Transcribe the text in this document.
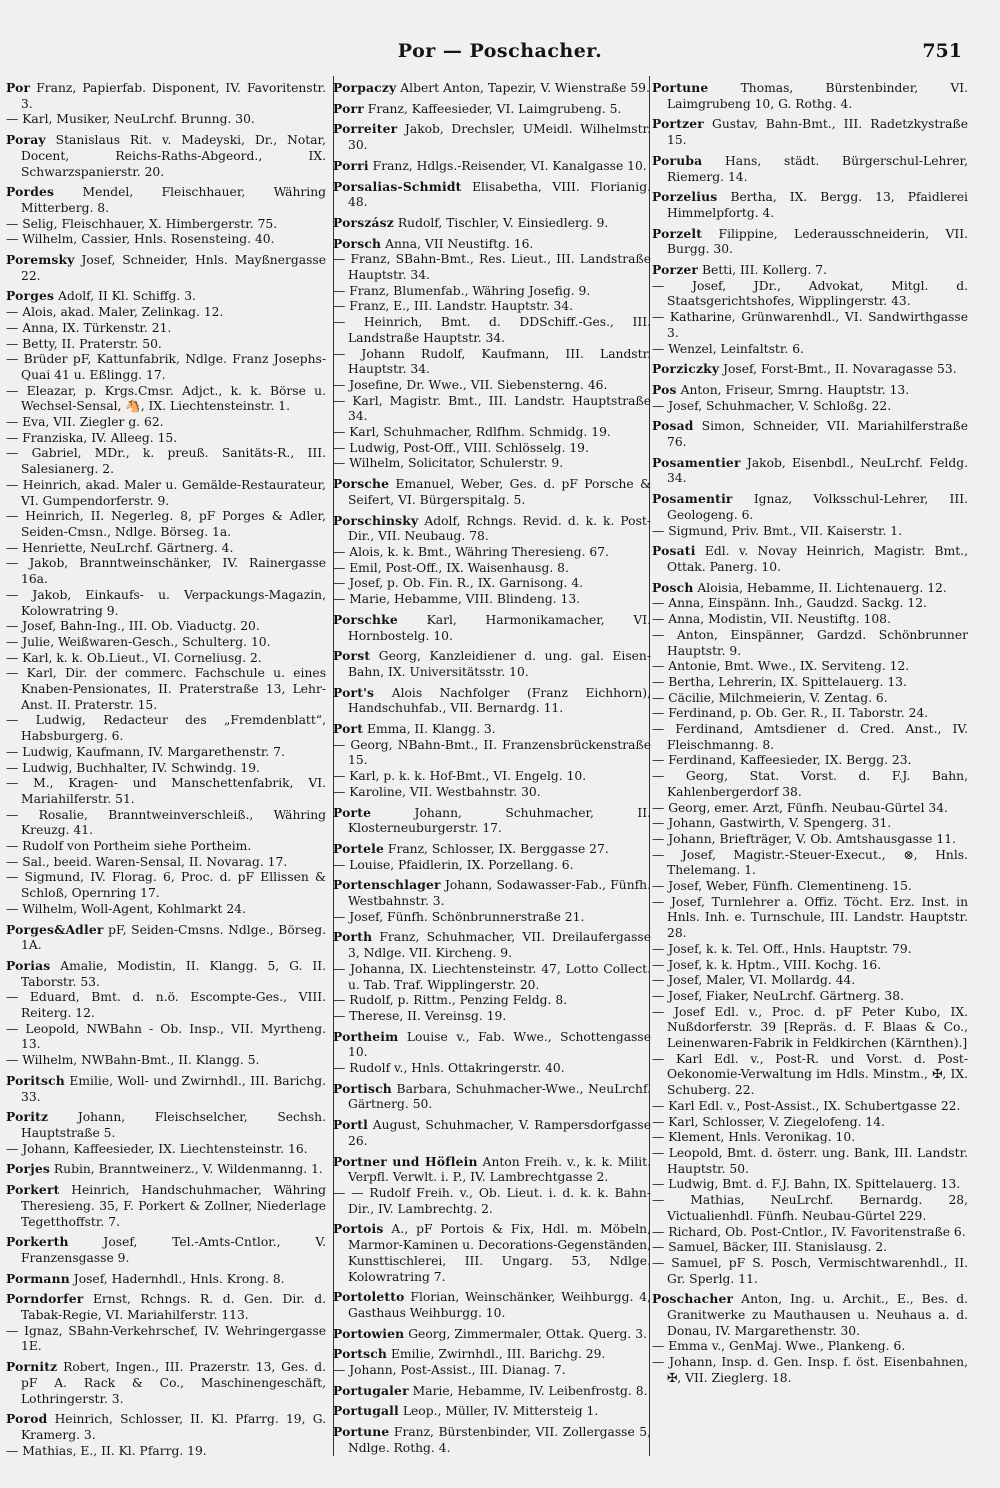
Por — Poschacher.	751

Por Franz, Papierfab. Disponent, IV. Favoritenstr. 3.

— Karl, Musiker, NeuLrchf. Brunng. 30.

Poray Stanislaus Rit. v. Madeyski, Dr., Notar, Docent, Reichs-Raths-Abgeord., IX. Schwarzspanierstr. 20.

Pordes Mendel, Fleischhauer, Währing Mitterberg. 8.

— Selig, Fleischhauer, X. Himbergerstr. 75.

— Wilhelm, Cassier, Hnls. Rosensteing. 40.

Poremsky Josef, Schneider, Hnls. Mayßnergasse 22.

Porges Adolf, II Kl. Schiffg. 3.

— Alois, akad. Maler, Zelinkag. 12.

— Anna, IX. Türkenstr. 21.

— Betty, II. Praterstr. 50.

— Brüder pF, Kattunfabrik, Ndlge. Franz Josephs-Quai 41 u. Eßlingg. 17.

— Eleazar, p. Krgs.Cmsr. Adjct., k. k. Börse u. Wechsel-Sensal, 🐴, IX. Liechtensteinstr. 1.

— Eva, VII. Ziegler g. 62.

— Franziska, IV. Alleeg. 15.

— Gabriel, MDr., k. preuß. Sanitäts-R., III. Salesianerg. 2.

— Heinrich, akad. Maler u. Gemälde-Restaurateur, VI. Gumpendorferstr. 9.

— Heinrich, II. Negerleg. 8, pF Porges & Adler, Seiden-Cmsn., Ndlge. Börseg. 1a.

— Henriette, NeuLrchf. Gärtnerg. 4.

— Jakob, Branntweinschänker, IV. Rainergasse 16a.

— Jakob, Einkaufs- u. Verpackungs-Magazin, Kolowratring 9.

— Josef, Bahn-Ing., III. Ob. Viaductg. 20.

— Julie, Weißwaren-Gesch., Schulterg. 10.

— Karl, k. k. Ob.Lieut., VI. Corneliusg. 2.

— Karl, Dir. der commerc. Fachschule u. eines Knaben-Pensionates, II. Praterstraße 13, Lehr-Anst. II. Praterstr. 15.

— Ludwig, Redacteur des „Fremdenblatt“, Habsburgerg. 6.

— Ludwig, Kaufmann, IV. Margarethenstr. 7.

— Ludwig, Buchhalter, IV. Schwindg. 19.

— M., Kragen- und Manschettenfabrik, VI. Mariahilferstr. 51.

— Rosalie, Branntweinverschleiß., Währing Kreuzg. 41.

— Rudolf von Portheim siehe Portheim.

— Sal., beeid. Waren-Sensal, II. Novarag. 17.

— Sigmund, IV. Florag. 6, Proc. d. pF Ellissen & Schloß, Opernring 17.

— Wilhelm, Woll-Agent, Kohlmarkt 24.

Porges&Adler pF, Seiden-Cmsns. Ndlge., Börseg. 1A.

Porias Amalie, Modistin, II. Klangg. 5, G. II. Taborstr. 53.

— Eduard, Bmt. d. n.ö. Escompte-Ges., VIII. Reiterg. 12.

— Leopold, NWBahn - Ob. Insp., VII. Myrtheng. 13.

— Wilhelm, NWBahn-Bmt., II. Klangg. 5.

Poritsch Emilie, Woll- und Zwirnhdl., III. Barichg. 33.

Poritz Johann, Fleischselcher, Sechsh. Hauptstraße 5.

— Johann, Kaffeesieder, IX. Liechtensteinstr. 16.

Porjes Rubin, Branntweinerz., V. Wildenmanng. 1.

Porkert Heinrich, Handschuhmacher, Währing Theresieng. 35, F. Porkert & Zollner, Niederlage Tegetthoffstr. 7.

Porkerth Josef, Tel.-Amts-Cntlor., V. Franzensgasse 9.

Pormann Josef, Hadernhdl., Hnls. Krong. 8.

Porndorfer Ernst, Rchngs. R. d. Gen. Dir. d. Tabak-Regie, VI. Mariahilferstr. 113.

— Ignaz, SBahn-Verkehrschef, IV. Wehringergasse 1E.

Pornitz Robert, Ingen., III. Prazerstr. 13, Ges. d. pF A. Rack & Co., Maschinengeschäft, Lothringerstr. 3.

Porod Heinrich, Schlosser, II. Kl. Pfarrg. 19, G. Kramerg. 3.

— Mathias, E., II. Kl. Pfarrg. 19.

Porpaczy Albert Anton, Tapezir, V. Wienstraße 59.

Porr Franz, Kaffeesieder, VI. Laimgrubeng. 5.

Porreiter Jakob, Drechsler, UMeidl. Wilhelmstr. 30.

Porri Franz, Hdlgs.-Reisender, VI. Kanalgasse 10.

Porsalias-Schmidt Elisabetha, VIII. Florianig. 48.

Porszász Rudolf, Tischler, V. Einsiedlerg. 9.

Porsch Anna, VII Neustiftg. 16.

— Franz, SBahn-Bmt., Res. Lieut., III. Landstraße Hauptstr. 34.

— Franz, Blumenfab., Währing Josefig. 9.

— Franz, E., III. Landstr. Hauptstr. 34.

— Heinrich, Bmt. d. DDSchiff.-Ges., III. Landstraße Hauptstr. 34.

— Johann Rudolf, Kaufmann, III. Landstr. Hauptstr. 34.

— Josefine, Dr. Wwe., VII. Siebensterng. 46.

— Karl, Magistr. Bmt., III. Landstr. Hauptstraße 34.

— Karl, Schuhmacher, Rdlfhm. Schmidg. 19.

— Ludwig, Post-Off., VIII. Schlösselg. 19.

— Wilhelm, Solicitator, Schulerstr. 9.

Porsche Emanuel, Weber, Ges. d. pF Porsche & Seifert, VI. Bürgerspitalg. 5.

Porschinsky Adolf, Rchngs. Revid. d. k. k. Post-Dir., VII. Neubaug. 78.

— Alois, k. k. Bmt., Währing Theresieng. 67.

— Emil, Post-Off., IX. Waisenhausg. 8.

— Josef, p. Ob. Fin. R., IX. Garnisong. 4.

— Marie, Hebamme, VIII. Blindeng. 13.

Porschke Karl, Harmonikamacher, VI. Hornbostelg. 10.

Porst Georg, Kanzleidiener d. ung. gal. Eisen-Bahn, IX. Universitätsstr. 10.

Port's Alois Nachfolger (Franz Eichhorn), Handschuhfab., VII. Bernardg. 11.

Port Emma, II. Klangg. 3.

— Georg, NBahn-Bmt., II. Franzensbrückenstraße 15.

— Karl, p. k. k. Hof-Bmt., VI. Engelg. 10.

— Karoline, VII. Westbahnstr. 30.

Porte Johann, Schuhmacher, II. Klosterneuburgerstr. 17.

Portele Franz, Schlosser, IX. Berggasse 27.

— Louise, Pfaidlerin, IX. Porzellang. 6.

Portenschlager Johann, Sodawasser-Fab., Fünfh. Westbahnstr. 3.

— Josef, Fünfh. Schönbrunnerstraße 21.

Porth Franz, Schuhmacher, VII. Dreilaufergasse 3, Ndlge. VII. Kircheng. 9.

— Johanna, IX. Liechtensteinstr. 47, Lotto Collect. u. Tab. Traf. Wipplingerstr. 20.

— Rudolf, p. Rittm., Penzing Feldg. 8.

— Therese, II. Vereinsg. 19.

Portheim Louise v., Fab. Wwe., Schottengasse 10.

— Rudolf v., Hnls. Ottakringerstr. 40.

Portisch Barbara, Schuhmacher-Wwe., NeuLrchf. Gärtnerg. 50.

Portl August, Schuhmacher, V. Rampersdorfgasse 26.

Portner und Höflein Anton Freih. v., k. k. Milit. Verpfl. Verwlt. i. P., IV. Lambrechtgasse 2.

— — Rudolf Freih. v., Ob. Lieut. i. d. k. k. Bahn-Dir., IV. Lambrechtg. 2.

Portois A., pF Portois & Fix, Hdl. m. Möbeln, Marmor-Kaminen u. Decorations-Gegenständen, Kunsttischlerei, III. Ungarg. 53, Ndlge. Kolowratring 7.

Portoletto Florian, Weinschänker, Weihburgg. 4, Gasthaus Weihburgg. 10.

Portowien Georg, Zimmermaler, Ottak. Querg. 3.

Portsch Emilie, Zwirnhdl., III. Barichg. 29.

— Johann, Post-Assist., III. Dianag. 7.

Portugaler Marie, Hebamme, IV. Leibenfrostg. 8.

Portugall Leop., Müller, IV. Mittersteig 1.

Portune Franz, Bürstenbinder, VII. Zollergasse 5, Ndlge. Rothg. 4.

Portune Thomas, Bürstenbinder, VI. Laimgrubeng 10, G. Rothg. 4.

Portzer Gustav, Bahn-Bmt., III. Radetzkystraße 15.

Poruba Hans, städt. Bürgerschul-Lehrer, Riemerg. 14.

Porzelius Bertha, IX. Bergg. 13, Pfaidlerei Himmelpfortg. 4.

Porzelt Filippine, Lederausschneiderin, VII. Burgg. 30.

Porzer Betti, III. Kollerg. 7.

— Josef, JDr., Advokat, Mitgl. d. Staatsgerichtshofes, Wipplingerstr. 43.

— Katharine, Grünwarenhdl., VI. Sandwirthgasse 3.

— Wenzel, Leinfaltstr. 6.

Porziczky Josef, Forst-Bmt., II. Novaragasse 53.

Pos Anton, Friseur, Smrng. Hauptstr. 13.

— Josef, Schuhmacher, V. Schloßg. 22.

Posad Simon, Schneider, VII. Mariahilferstraße 76.

Posamentier Jakob, Eisenbdl., NeuLrchf. Feldg. 34.

Posamentir Ignaz, Volksschul-Lehrer, III. Geologeng. 6.

— Sigmund, Priv. Bmt., VII. Kaiserstr. 1.

Posati Edl. v. Novay Heinrich, Magistr. Bmt., Ottak. Panerg. 10.

Posch Aloisia, Hebamme, II. Lichtenauerg. 12.

— Anna, Einspänn. Inh., Gaudzd. Sackg. 12.

— Anna, Modistin, VII. Neustiftg. 108.

— Anton, Einspänner, Gardzd. Schönbrunner Hauptstr. 9.

— Antonie, Bmt. Wwe., IX. Serviteng. 12.

— Bertha, Lehrerin, IX. Spittelauerg. 13.

— Cäcilie, Milchmeierin, V. Zentag. 6.

— Ferdinand, p. Ob. Ger. R., II. Taborstr. 24.

— Ferdinand, Amtsdiener d. Cred. Anst., IV. Fleischmanng. 8.

— Ferdinand, Kaffeesieder, IX. Bergg. 23.

— Georg, Stat. Vorst. d. F.J. Bahn, Kahlenbergerdorf 38.

— Georg, emer. Arzt, Fünfh. Neubau-Gürtel 34.

— Johann, Gastwirth, V. Spengerg. 31.

— Johann, Briefträger, V. Ob. Amtshausgasse 11.

— Josef, Magistr.-Steuer-Execut., ⊗, Hnls. Thelemang. 1.

— Josef, Weber, Fünfh. Clementineng. 15.

— Josef, Turnlehrer a. Offiz. Töcht. Erz. Inst. in Hnls. Inh. e. Turnschule, III. Landstr. Hauptstr. 28.

— Josef, k. k. Tel. Off., Hnls. Hauptstr. 79.

— Josef, k. k. Hptm., VIII. Kochg. 16.

— Josef, Maler, VI. Mollardg. 44.

— Josef, Fiaker, NeuLrchf. Gärtnerg. 38.

— Josef Edl. v., Proc. d. pF Peter Kubo, IX. Nußdorferstr. 39 [Repräs. d. F. Blaas & Co., Leinenwaren-Fabrik in Feldkirchen (Kärnthen).]

— Karl Edl. v., Post-R. und Vorst. d. Post-Oekonomie-Verwaltung im Hdls. Minstm., ✠, IX. Schuberg. 22.

— Karl Edl. v., Post-Assist., IX. Schubertgasse 22.

— Karl, Schlosser, V. Ziegelofeng. 14.

— Klement, Hnls. Veronikag. 10.

— Leopold, Bmt. d. österr. ung. Bank, III. Landstr. Hauptstr. 50.

— Ludwig, Bmt. d. F.J. Bahn, IX. Spittelauerg. 13.

— Mathias, NeuLrchf. Bernardg. 28, Victualienhdl. Fünfh. Neubau-Gürtel 229.

— Richard, Ob. Post-Cntlor., IV. Favoritenstraße 6.

— Samuel, Bäcker, III. Stanislausg. 2.

— Samuel, pF S. Posch, Vermischtwarenhdl., II. Gr. Sperlg. 11.

Poschacher Anton, Ing. u. Archit., E., Bes. d. Granitwerke zu Mauthausen u. Neuhaus a. d. Donau, IV. Margarethenstr. 30.

— Emma v., GenMaj. Wwe., Plankeng. 6.

— Johann, Insp. d. Gen. Insp. f. öst. Eisenbahnen, ✠, VII. Zieglerg. 18.
